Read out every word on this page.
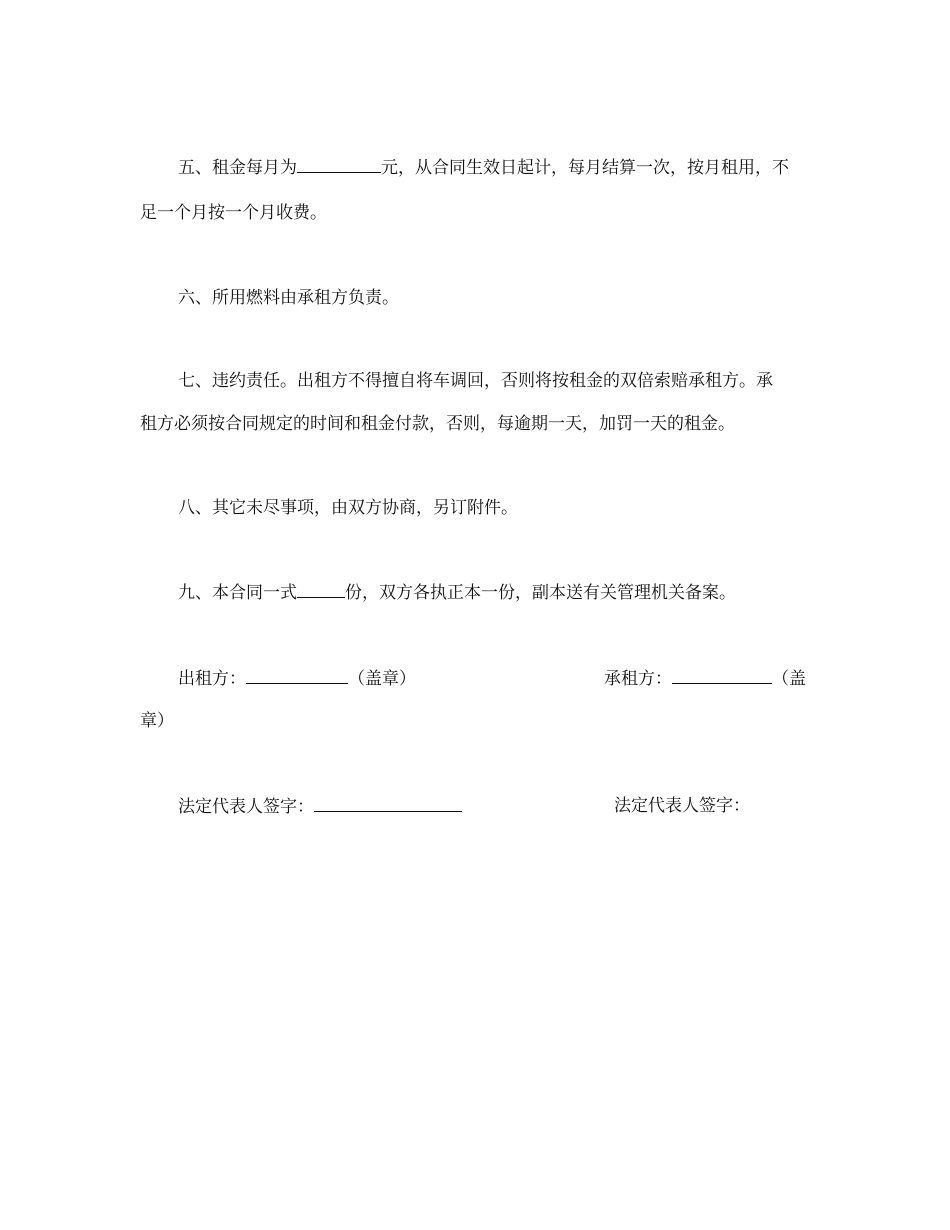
五、租金每月为	元，从合同生效日起计，每月结算一次，按月租用，不
足一个月按一个月收费。
六、所用燃料由承租方负责。
七、违约责任。出租方不得擅自将车调回，否则将按租金的双倍索赔承租方。承
租方必须按合同规定的时间和租金付款，否则，每逾期一天，加罚一天的租金。
八、其它未尽事项，由双方协商，另订附件。
九、本合同一式	份，双方各执正本一份，副本送有关管理机关备案。
出租方：	（盖章）	承租方：	（盖
章）
法定代表人签字：	法定代表人签字：
